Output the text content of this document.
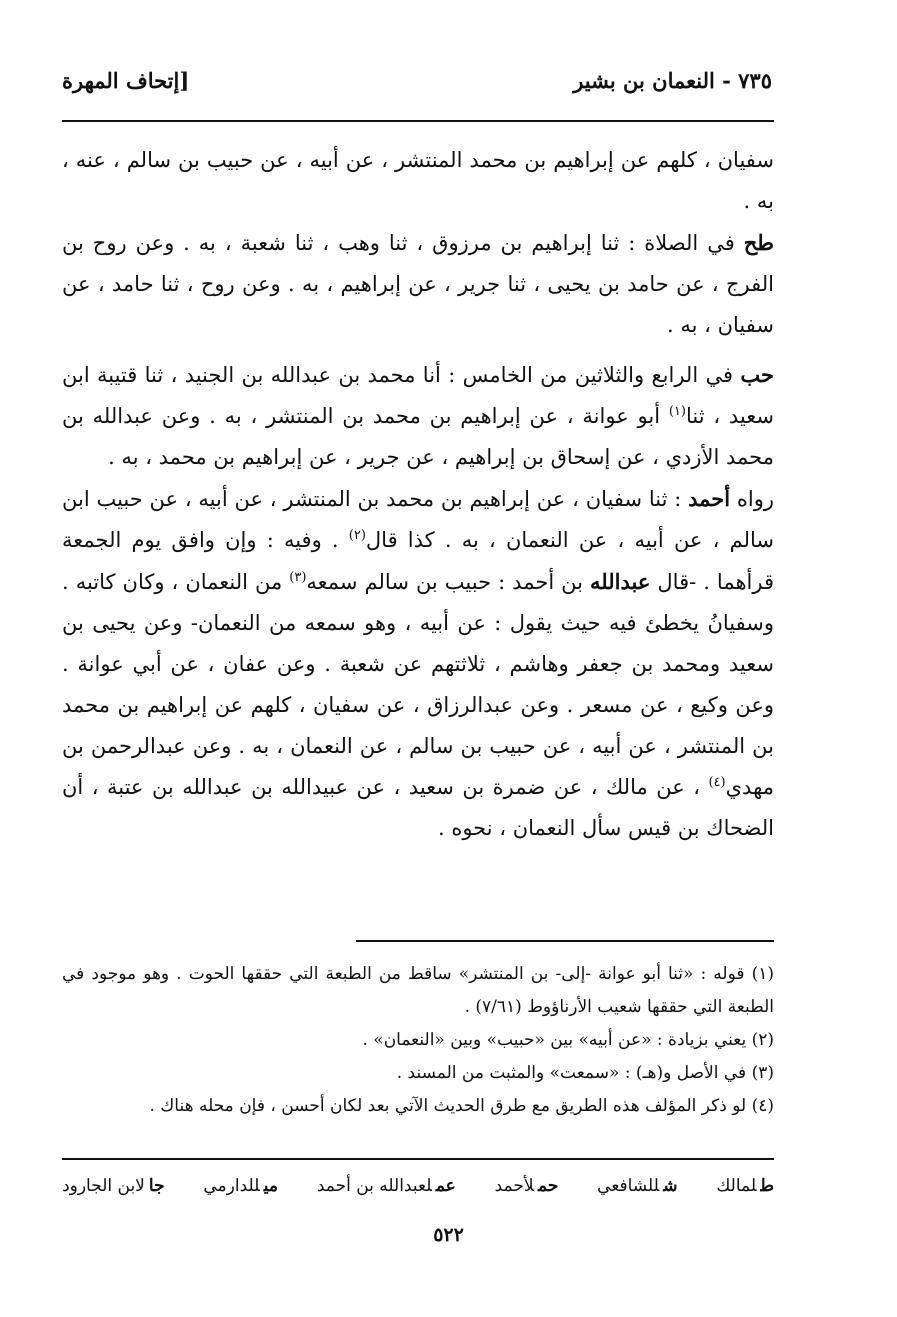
٧٣٥ - النعمان بن بشير
[إتحاف المهرة

سفيان ، كلهم عن إبراهيم بن محمد المنتشر ، عن أبيه ، عن حبيب بن سالم ، عنه ، به .

طح في الصلاة : ثنا إبراهيم بن مرزوق ، ثنا وهب ، ثنا شعبة ، به . وعن روح بن الفرج ، عن حامد بن يحيى ، ثنا جرير ، عن إبراهيم ، به . وعن روح ، ثنا حامد ، عن سفيان ، به .

حب في الرابع والثلاثين من الخامس : أنا محمد بن عبدالله بن الجنيد ، ثنا قتيبة ابن سعيد ، ثنا$^{(١)}$ أبو عوانة ، عن إبراهيم بن محمد بن المنتشر ، به . وعن عبدالله بن محمد الأزدي ، عن إسحاق بن إبراهيم ، عن جرير ، عن إبراهيم بن محمد ، به .

رواه أحمد : ثنا سفيان ، عن إبراهيم بن محمد بن المنتشر ، عن أبيه ، عن حبيب ابن سالم ، عن أبيه ، عن النعمان ، به . كذا قال$^{(٢)}$ . وفيه : وإن وافق يوم الجمعة قرأهما . -قال عبدالله بن أحمد : حبيب بن سالم سمعه$^{(٣)}$ من النعمان ، وكان كاتبه . وسفيانُ يخطئ فيه حيث يقول : عن أبيه ، وهو سمعه من النعمان- وعن يحيى بن سعيد ومحمد بن جعفر وهاشم ، ثلاثتهم عن شعبة . وعن عفان ، عن أبي عوانة . وعن وكيع ، عن مسعر . وعن عبدالرزاق ، عن سفيان ، كلهم عن إبراهيم بن محمد بن المنتشر ، عن أبيه ، عن حبيب بن سالم ، عن النعمان ، به . وعن عبدالرحمن بن مهدي$^{(٤)}$ ، عن مالك ، عن ضمرة بن سعيد ، عن عبيدالله بن عبدالله بن عتبة ، أن الضحاك بن قيس سأل النعمان ، نحوه .

(١) قوله : «ثنا أبو عوانة -إلى- بن المنتشر» ساقط من الطبعة التي حققها الحوت . وهو موجود في الطبعة التي حققها شعيب الأرناؤوط (٧/٦١) .

(٢) يعني بزيادة : «عن أبيه» بين «حبيب» وبين «النعمان» .

(٣) في الأصل و(هـ) : «سمعت» والمثبت من المسند .

(٤) لو ذكر المؤلف هذه الطريق مع طرق الحديث الآتي بعد لكان أحسن ، فإن محله هناك .

طلمالك
شللشافعي
حملأحمد
عملعبدالله بن أحمد
ميللدارمي
جالابن الجارود
٥٢٢
